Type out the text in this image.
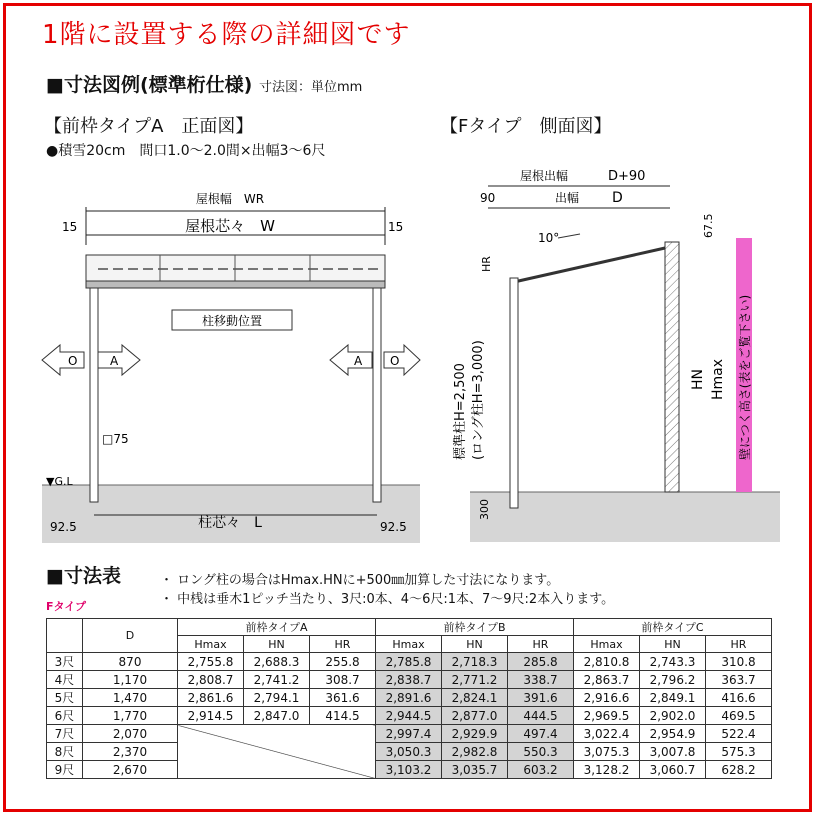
1階に設置する際の詳細図です
■寸法図例(標準桁仕様) 寸法図：単位mm
【前枠タイプA　正面図】	【Fタイプ　側面図】
●積雪20cm　間口1.0～2.0間×出幅3～6尺
屋根幅　WR
屋根芯々　W
15	15
柱移動位置
O	A	A O
□75
▼G.L
柱芯々　L
92.5	92.5
屋根出幅	D+90
90	出幅 D
10°	67.5
HR
標準柱H=2,500 (ロング柱H=3,000)	HN Hmax 壁につく高さ(表をご覧下さい)
300
■寸法表	・ ロング柱の場合はHmax.HNに+500㎜加算した寸法になります。
・ 中桟は垂木1ピッチ当たり、3尺:0本、4～6尺:1本、7～9尺:2本入ります。
Fタイプ
	D	前枠タイプA			前枠タイプB			前枠タイプC		
		Hmax	HN	HR	Hmax	HN	HR	Hmax	HN	HR
3尺	870	2,755.8	2,688.3	255.8	2,785.8	2,718.3	285.8	2,810.8	2,743.3	310.8
4尺	1,170	2,808.7	2,741.2	308.7	2,838.7	2,771.2	338.7	2,863.7	2,796.2	363.7
5尺	1,470	2,861.6	2,794.1	361.6	2,891.6	2,824.1	391.6	2,916.6	2,849.1	416.6
6尺	1,770	2,914.5	2,847.0	414.5	2,944.5	2,877.0	444.5	2,969.5	2,902.0	469.5
7尺	2,070				2,997.4	2,929.9	497.4	3,022.4	2,954.9	522.4
8尺	2,370				3,050.3	2,982.8	550.3	3,075.3	3,007.8	575.3
9尺	2,670				3,103.2	3,035.7	603.2	3,128.2	3,060.7	628.2
